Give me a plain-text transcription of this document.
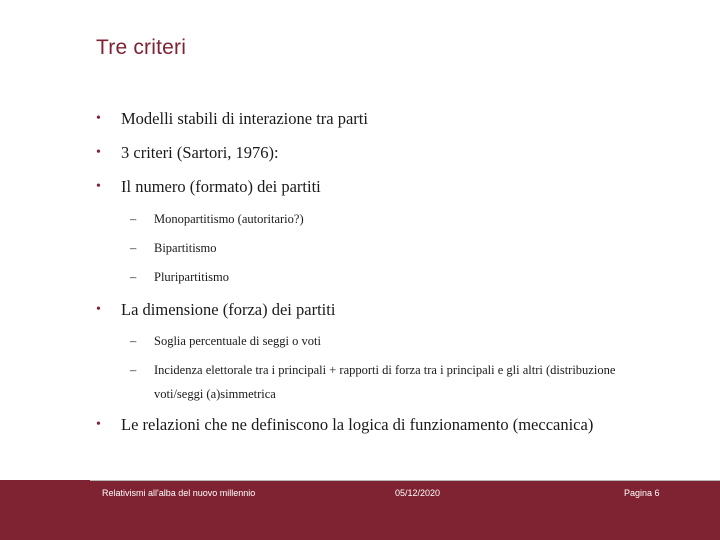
Tre criteri
• Modelli stabili di interazione tra parti
• 3 criteri (Sartori, 1976):
• Il numero (formato) dei partiti
– Monopartitismo (autoritario?)
– Bipartitismo
– Pluripartitismo
• La dimensione (forza) dei partiti
– Soglia percentuale di seggi o voti
– Incidenza elettorale tra i principali + rapporti di forza tra i principali e gli altri (distribuzione voti/seggi (a)simmetrica
• Le relazioni che ne definiscono la logica di funzionamento (meccanica)
Relativismi all'alba del nuovo millennio	05/12/2020	Pagina 6
